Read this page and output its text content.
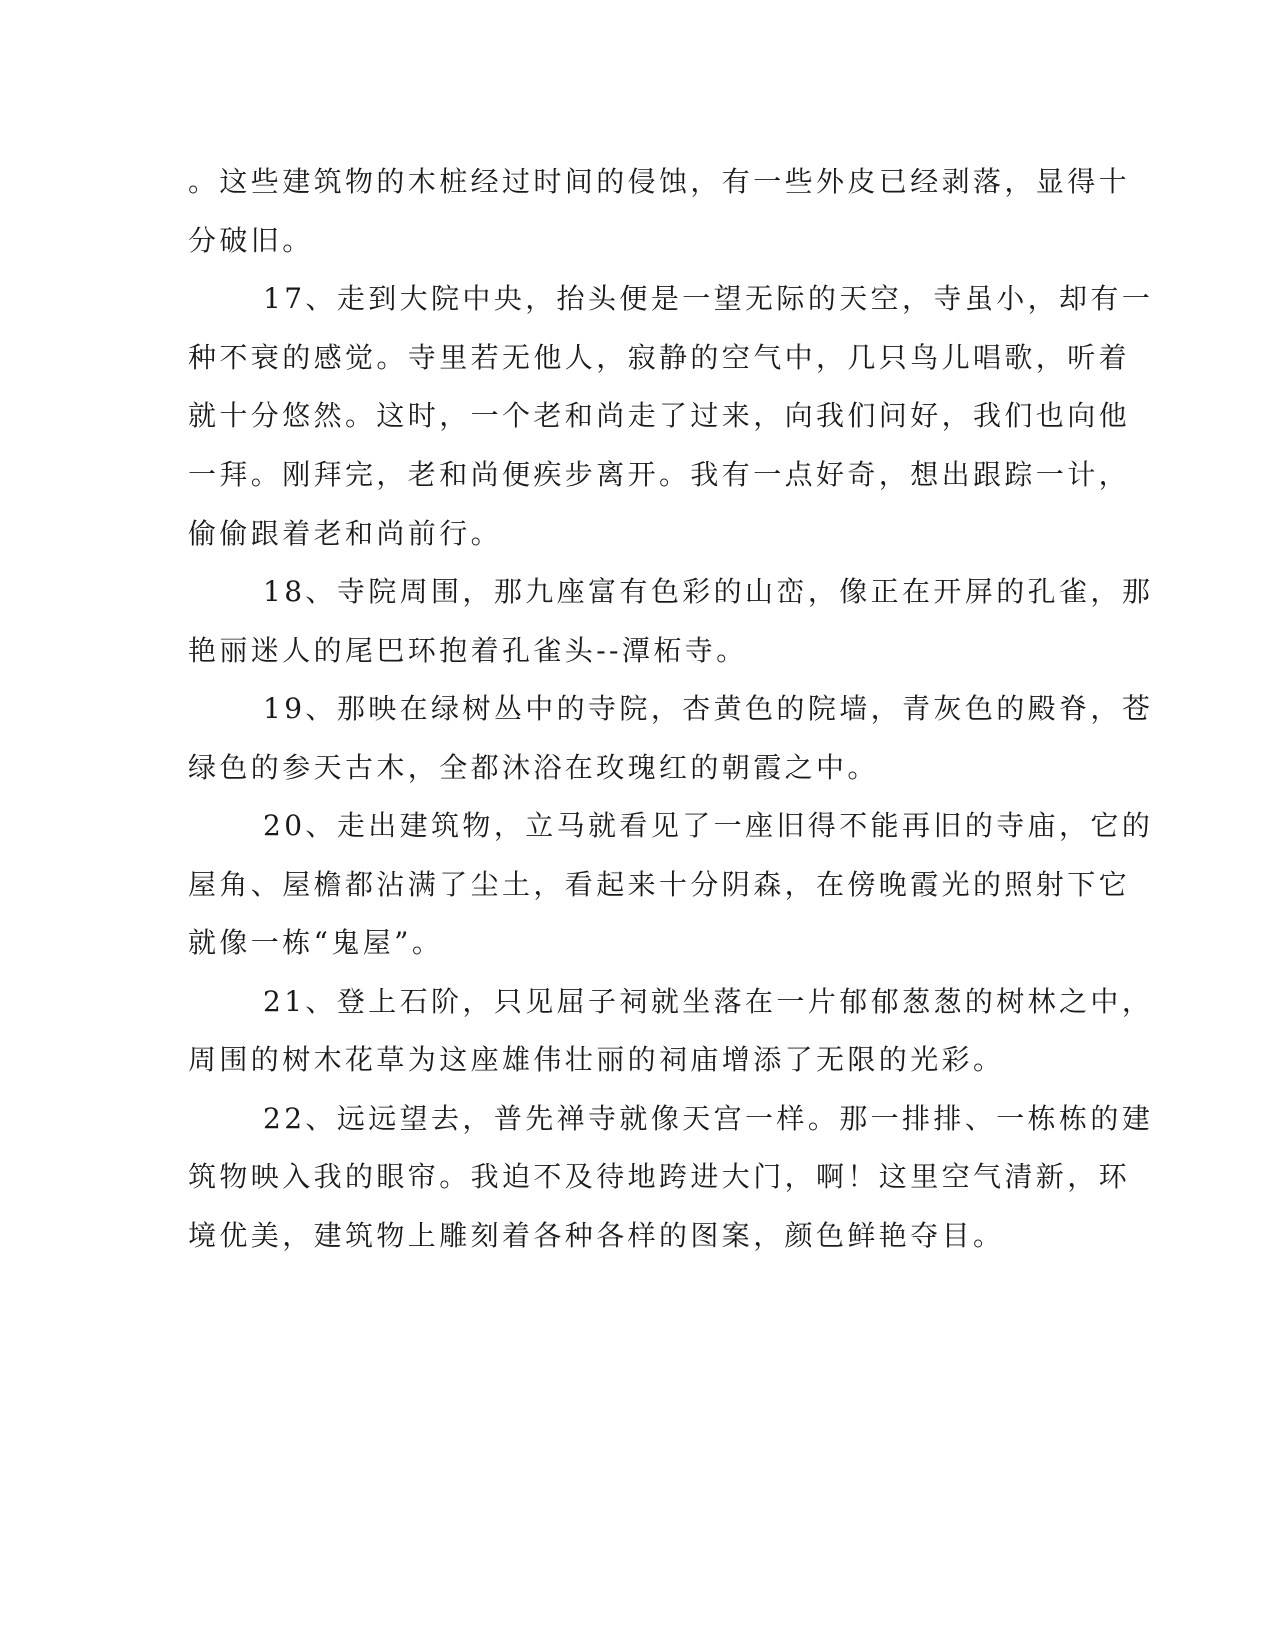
。这些建筑物的木桩经过时间的侵蚀，有一些外皮已经剥落，显得十

分破旧。

17、走到大院中央，抬头便是一望无际的天空，寺虽小，却有一

种不衰的感觉。寺里若无他人，寂静的空气中，几只鸟儿唱歌，听着

就十分悠然。这时，一个老和尚走了过来，向我们问好，我们也向他

一拜。刚拜完，老和尚便疾步离开。我有一点好奇，想出跟踪一计，

偷偷跟着老和尚前行。

18、寺院周围，那九座富有色彩的山峦，像正在开屏的孔雀，那

艳丽迷人的尾巴环抱着孔雀头--潭柘寺。

19、那映在绿树丛中的寺院，杏黄色的院墙，青灰色的殿脊，苍

绿色的参天古木，全都沐浴在玫瑰红的朝霞之中。

20、走出建筑物，立马就看见了一座旧得不能再旧的寺庙，它的

屋角、屋檐都沾满了尘土，看起来十分阴森，在傍晚霞光的照射下它

就像一栋“鬼屋”。

21、登上石阶，只见屈子祠就坐落在一片郁郁葱葱的树林之中，

周围的树木花草为这座雄伟壮丽的祠庙增添了无限的光彩。

22、远远望去，普先禅寺就像天宫一样。那一排排、一栋栋的建

筑物映入我的眼帘。我迫不及待地跨进大门，啊！这里空气清新，环

境优美，建筑物上雕刻着各种各样的图案，颜色鲜艳夺目。
